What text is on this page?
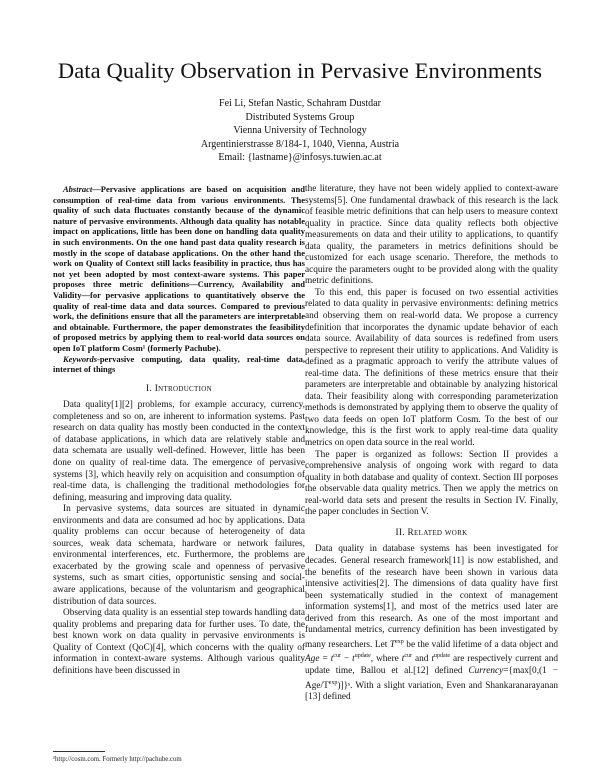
Data Quality Observation in Pervasive Environments
Fei Li, Stefan Nastic, Schahram Dustdar
Distributed Systems Group
Vienna University of Technology
Argentinierstrasse 8/184-1, 1040, Vienna, Austria
Email: {lastname}@infosys.tuwien.ac.at

Abstract—Pervasive applications are based on acquisition and consumption of real-time data from various environments. The quality of such data fluctuates constantly because of the dynamic nature of pervasive environments. Although data quality has notable impact on applications, little has been done on handling data quality in such environments. On the one hand past data quality research is mostly in the scope of database applications. On the other hand the work on Quality of Context still lacks feasibility in practice, thus has not yet been adopted by most context-aware systems. This paper proposes three metric definitions—Currency, Availability and Validity—for pervasive applications to quantitatively observe the quality of real-time data and data sources. Compared to previous work, the definitions ensure that all the parameters are interpretable and obtainable. Furthermore, the paper demonstrates the feasibility of proposed metrics by applying them to real-world data sources on open IoT platform Cosm¹ (formerly Pachube).

Keywords-pervasive computing, data quality, real-time data, internet of things

I. Introduction

Data quality[1][2] problems, for example accuracy, currency, completeness and so on, are inherent to information systems. Past research on data quality has mostly been conducted in the context of database applications, in which data are relatively stable and data schemata are usually well-defined. However, little has been done on quality of real-time data. The emergence of pervasive systems [3], which heavily rely on acquisition and consumption of real-time data, is challenging the traditional methodologies for defining, measuring and improving data quality.

In pervasive systems, data sources are situated in dynamic environments and data are consumed ad hoc by applications. Data quality problems can occur because of heterogeneity of data sources, weak data schemata, hardware or network failures, environmental interferences, etc. Furthermore, the problems are exacerbated by the growing scale and openness of pervasive systems, such as smart cities, opportunistic sensing and social-aware applications, because of the voluntarism and geographical distribution of data sources.

Observing data quality is an essential step towards handling data quality problems and preparing data for further uses. To date, the best known work on data quality in pervasive environments is Quality of Context (QoC)[4], which concerns with the quality of information in context-aware systems. Although various quality definitions have been discussed in

the literature, they have not been widely applied to context-aware systems[5]. One fundamental drawback of this research is the lack of feasible metric definitions that can help users to measure context quality in practice. Since data quality reflects both objective measurements on data and their utility to applications, to quantify data quality, the parameters in metrics definitions should be customized for each usage scenario. Therefore, the methods to acquire the parameters ought to be provided along with the quality metric definitions.

To this end, this paper is focused on two essential activities related to data quality in pervasive environments: defining metrics and observing them on real-world data. We propose a currency definition that incorporates the dynamic update behavior of each data source. Availability of data sources is redefined from users perspective to represent their utility to applications. And Validity is defined as a pragmatic approach to verify the attribute values of real-time data. The definitions of these metrics ensure that their parameters are interpretable and obtainable by analyzing historical data. Their feasibility along with corresponding parameterization methods is demonstrated by applying them to observe the quality of two data feeds on open IoT platform Cosm. To the best of our knowledge, this is the first work to apply real-time data quality metrics on open data source in the real world.

The paper is organized as follows: Section II provides a comprehensive analysis of ongoing work with regard to data quality in both database and quality of context. Section III porposes the observable data quality metrics. Then we apply the metrics on real-world data sets and present the results in Section IV. Finally, the paper concludes in Section V.

II. Related work

Data quality in database systems has been investigated for decades. General research framework[11] is now established, and the benefits of the research have been shown in various data intensive activities[2]. The dimensions of data quality have first been systematically studied in the context of management information systems[1], and most of the metrics used later are derived from this research. As one of the most important and fundamental metrics, currency definition has been investigated by many researchers. Let $T^{exp}$ be the valid lifetime of a data object and Age = $t^{cur} - t^{update}$, where $t^{cur}$ and $t^{update}$ are respectively current and update time, Ballou et al.[12] defined Currency={max[0,(1 − Age/$T^{exp})]\}ˢ$. With a slight variation, Even and Shankaranarayanan [13] defined

¹http://cosm.com. Formerly http://pachube.com
